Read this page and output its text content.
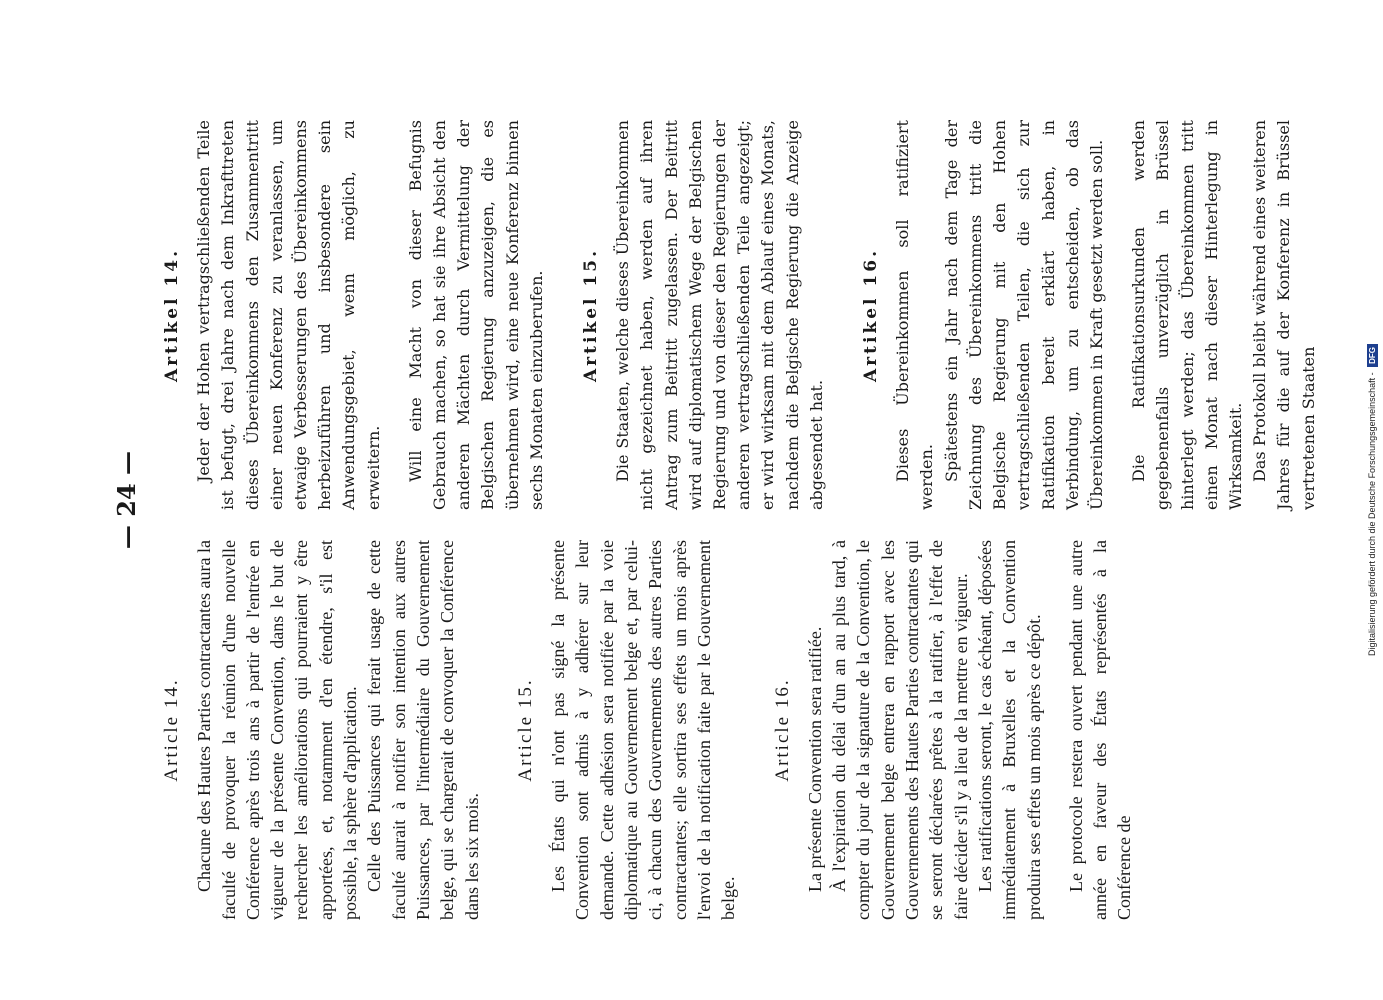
— 24 —
Article 14. Chacune des Hautes Parties contractantes aura la faculté de provoquer la réunion d'une nouvelle Conférence après trois ans à partir de l'entrée en vigueur de la présente Convention, dans le but de rechercher les améliorations qui pourraient y être apportées, et, notamment d'en étendre, s'il est possible, la sphère d'application. Celle des Puissances qui ferait usage de cette faculté aurait à notifier son intention aux autres Puissances, par l'intermédiaire du Gouvernement belge, qui se chargerait de convoquer la Conférence dans les six mois.

Article 15. Les États qui n'ont pas signé la présente Convention sont admis à y adhérer sur leur demande. Cette adhésion sera notifiée par la voie diplomatique au Gouvernement belge et, par celui-ci, à chacun des Gouvernements des autres Parties contractantes; elle sortira ses effets un mois après l'envoi de la notification faite par le Gouvernement belge.

Article 16. La présente Convention sera ratifiée. À l'expiration du délai d'un an au plus tard, à compter du jour de la signature de la Convention, le Gouvernement belge entrera en rapport avec les Gouvernements des Hautes Parties contractantes qui se seront déclarées prêtes à la ratifier, à l'effet de faire décider s'il y a lieu de la mettre en vigueur. Les ratifications seront, le cas échéant, déposées immédiatement à Bruxelles et la Convention produira ses effets un mois après ce dépôt. Le protocole restera ouvert pendant une autre année en faveur des États représentés à la Conférence de

Artikel 14. Jeder der Hohen vertragschließenden Teile ist befugt, drei Jahre nach dem Inkrafttreten dieses Übereinkommens den Zusammentritt einer neuen Konferenz zu veranlassen, um etwaige Verbesserungen des Übereinkommens herbeizuführen und insbesondere sein Anwendungsgebiet, wenn möglich, zu erweitern. Will eine Macht von dieser Befugnis Gebrauch machen, so hat sie ihre Absicht den anderen Mächten durch Vermittelung der Belgischen Regierung anzuzeigen, die es übernehmen wird, eine neue Konferenz binnen sechs Monaten einzuberufen. Artikel 15. Die Staaten, welche dieses Übereinkommen nicht gezeichnet haben, werden auf ihren Antrag zum Beitritt zugelassen. Der Beitritt wird auf diplomatischem Wege der Belgischen Regierung und von dieser den Regierungen der anderen vertragschließenden Teile angezeigt; er wird wirksam mit dem Ablauf eines Monats, nachdem die Belgische Regierung die Anzeige abgesendet hat.

Artikel 16. Dieses Übereinkommen soll ratifiziert werden. Spätestens ein Jahr nach dem Tage der Zeichnung des Übereinkommens tritt die Belgische Regierung mit den Hohen vertragschließenden Teilen, die sich zur Ratifikation bereit erklärt haben, in Verbindung, um zu entscheiden, ob das Übereinkommen in Kraft gesetzt werden soll. Die Ratifikationsurkunden werden gegebenenfalls unverzüglich in Brüssel hinterlegt werden; das Übereinkommen tritt einen Monat nach dieser Hinterlegung in Wirksamkeit. Das Protokoll bleibt während eines weiteren Jahres für die auf der Konferenz in Brüssel vertretenen Staaten	Digitalisierung gefördert durch die Deutsche Forschungsgemeinschaft - DFG
